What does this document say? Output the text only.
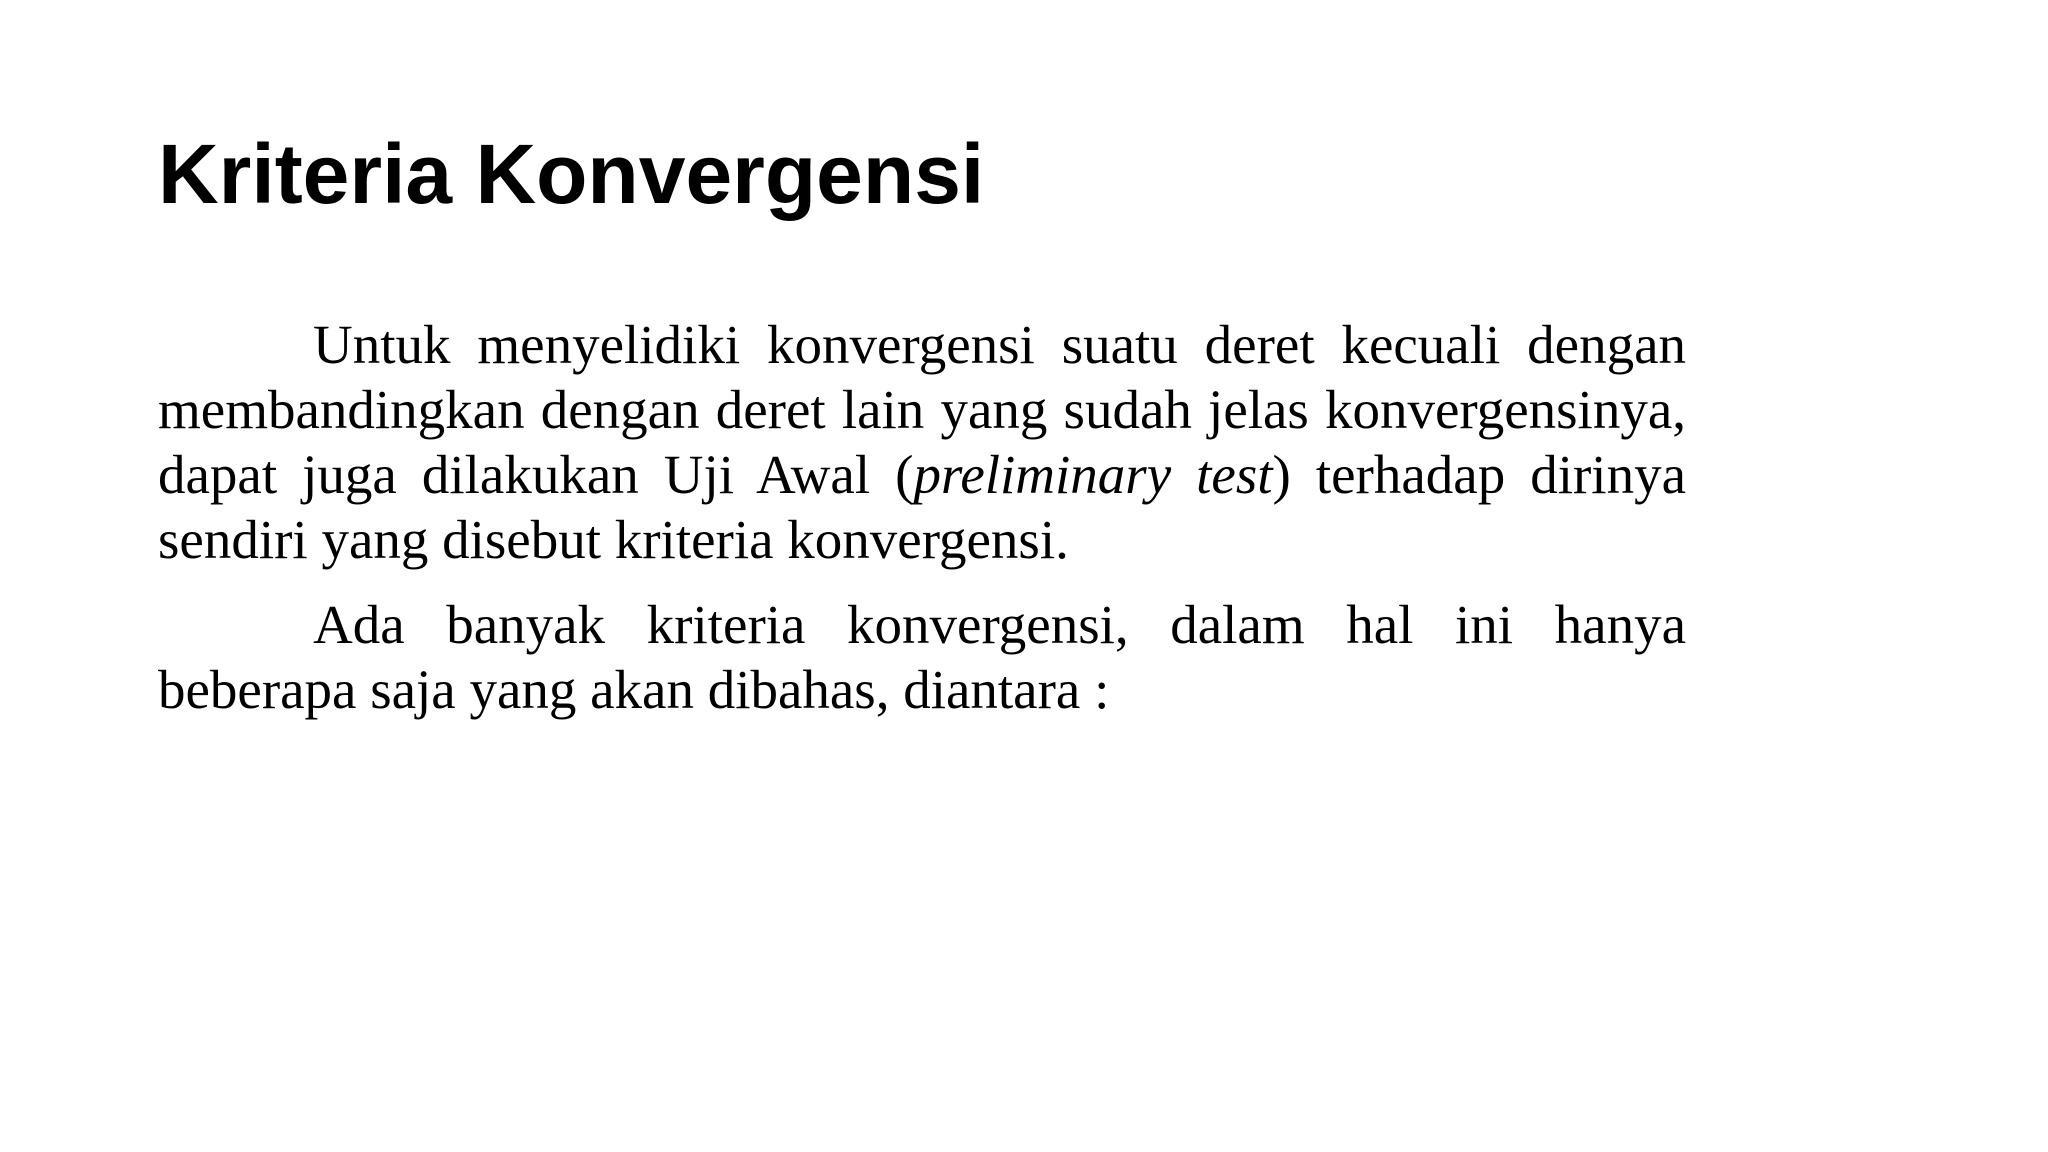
Kriteria Konvergensi

Untuk menyelidiki konvergensi suatu deret kecuali dengan membandingkan dengan deret lain yang sudah jelas konvergensinya, dapat juga dilakukan Uji Awal (preliminary test) terhadap dirinya sendiri yang disebut kriteria konvergensi.

Ada banyak kriteria konvergensi, dalam hal ini hanya beberapa saja yang akan dibahas, diantara :
